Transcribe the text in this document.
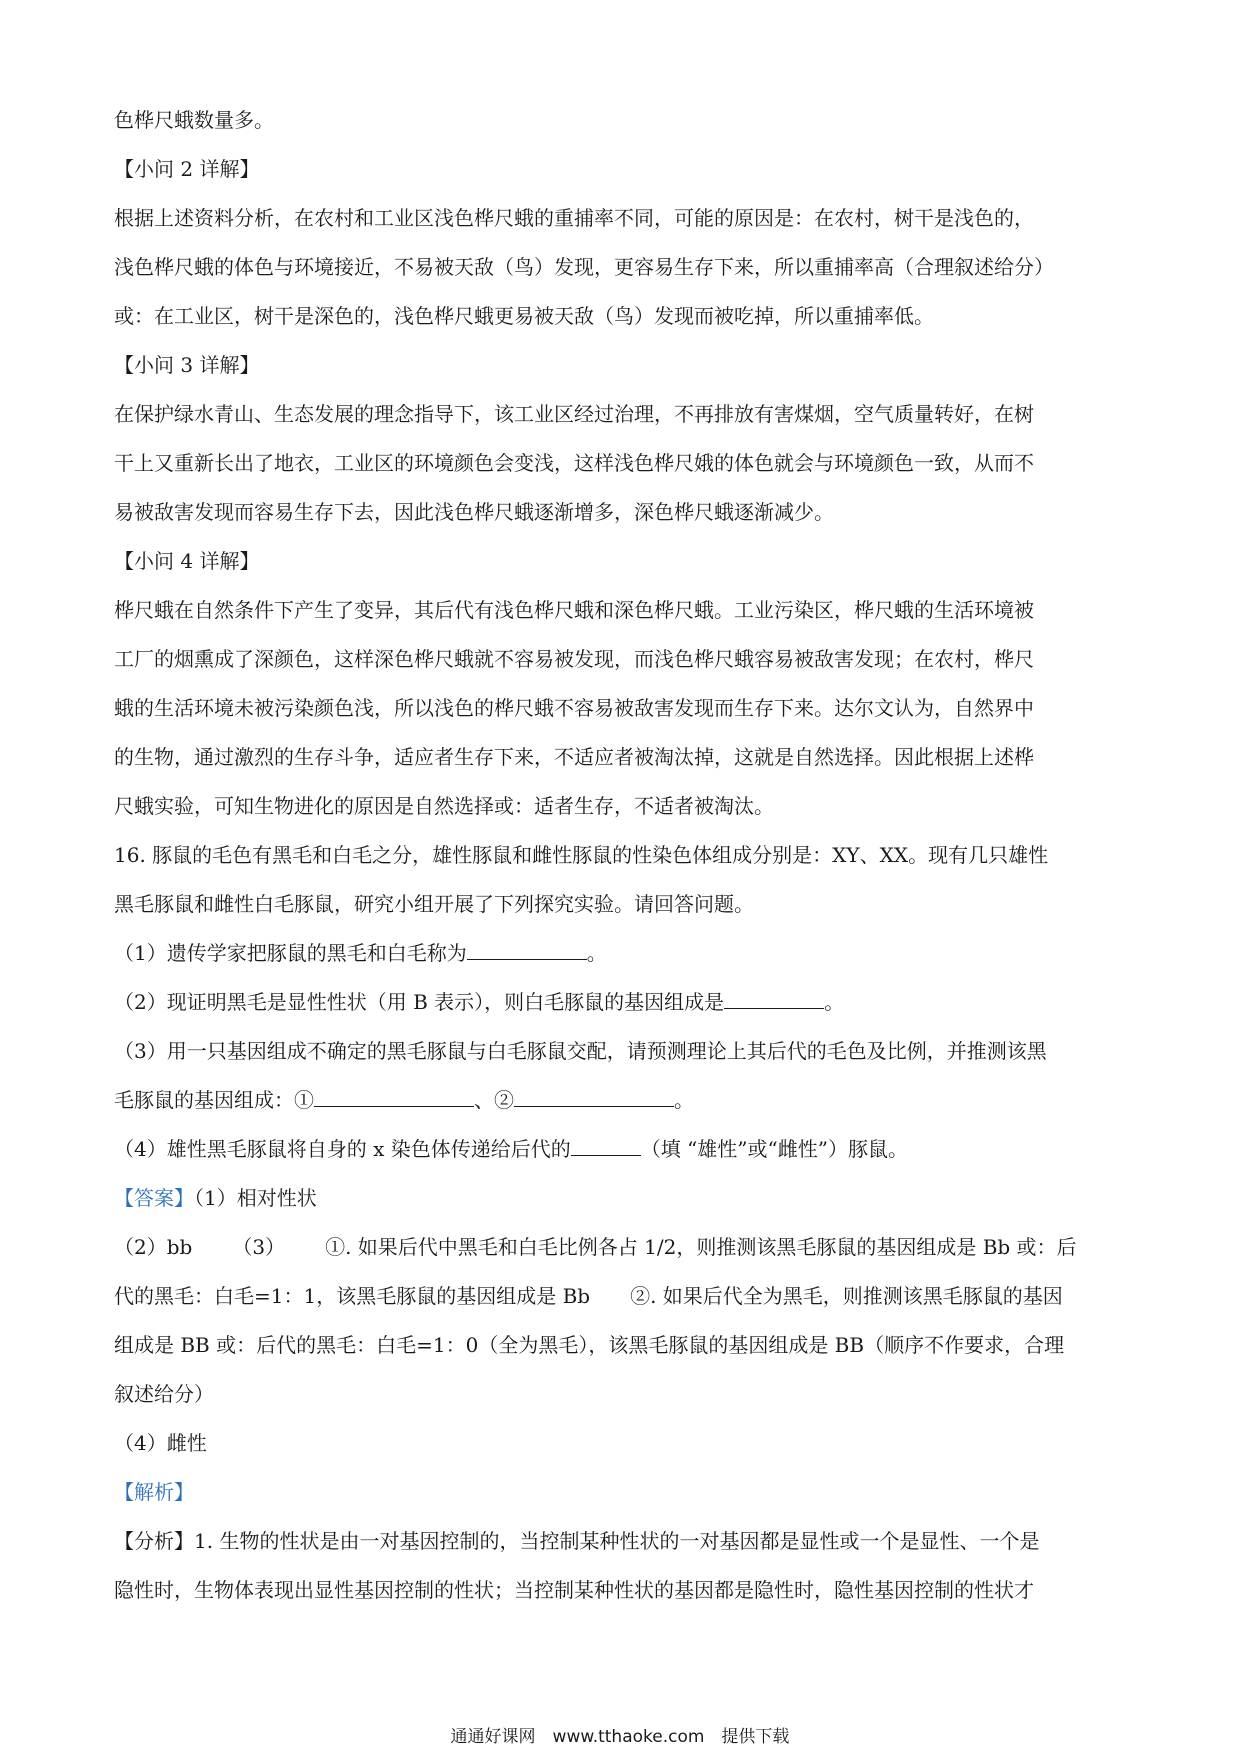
色桦尺蛾数量多。
【小问 2 详解】
根据上述资料分析，在农村和工业区浅色桦尺蛾的重捕率不同，可能的原因是：在农村，树干是浅色的，
浅色桦尺蛾的体色与环境接近，不易被天敌（鸟）发现，更容易生存下来，所以重捕率高（合理叙述给分）
或：在工业区，树干是深色的，浅色桦尺蛾更易被天敌（鸟）发现而被吃掉，所以重捕率低。
【小问 3 详解】
在保护绿水青山、生态发展的理念指导下，该工业区经过治理，不再排放有害煤烟，空气质量转好，在树
干上又重新长出了地衣，工业区的环境颜色会变浅，这样浅色桦尺娥的体色就会与环境颜色一致，从而不
易被敌害发现而容易生存下去，因此浅色桦尺蛾逐渐增多，深色桦尺蛾逐渐减少。
【小问 4 详解】
桦尺蛾在自然条件下产生了变异，其后代有浅色桦尺蛾和深色桦尺蛾。工业污染区，桦尺蛾的生活环境被
工厂的烟熏成了深颜色，这样深色桦尺蛾就不容易被发现，而浅色桦尺蛾容易被敌害发现；在农村，桦尺
蛾的生活环境未被污染颜色浅，所以浅色的桦尺蛾不容易被敌害发现而生存下来。达尔文认为，自然界中
的生物，通过激烈的生存斗争，适应者生存下来，不适应者被淘汰掉，这就是自然选择。因此根据上述桦
尺蛾实验，可知生物进化的原因是自然选择或：适者生存，不适者被淘汰。
16. 豚鼠的毛色有黑毛和白毛之分，雄性豚鼠和雌性豚鼠的性染色体组成分别是：XY、XX。现有几只雄性
黑毛豚鼠和雌性白毛豚鼠，研究小组开展了下列探究实验。请回答问题。
（1）遗传学家把豚鼠的黑毛和白毛称为	。
（2）现证明黑毛是显性性状（用 B 表示），则白毛豚鼠的基因组成是	。
（3）用一只基因组成不确定的黑毛豚鼠与白毛豚鼠交配，请预测理论上其后代的毛色及比例，并推测该黑
毛豚鼠的基因组成：①	、②	。
（4）雄性黑毛豚鼠将自身的 x 染色体传递给后代的	（填 “雄性”或“雌性”）豚鼠。
【答案】（1）相对性状
（2）bb （3） ①. 如果后代中黑毛和白毛比例各占 1/2，则推测该黑毛豚鼠的基因组成是 Bb 或：后
代的黑毛：白毛=1：1，该黑毛豚鼠的基因组成是 Bb　　②. 如果后代全为黑毛，则推测该黑毛豚鼠的基因
组成是 BB 或：后代的黑毛：白毛=1：0（全为黑毛），该黑毛豚鼠的基因组成是 BB（顺序不作要求，合理
叙述给分）
（4）雌性
【解析】
【分析】1. 生物的性状是由一对基因控制的，当控制某种性状的一对基因都是显性或一个是显性、一个是
隐性时，生物体表现出显性基因控制的性状；当控制某种性状的基因都是隐性时，隐性基因控制的性状才
通通好课网　www.tthaoke.com　提供下载
